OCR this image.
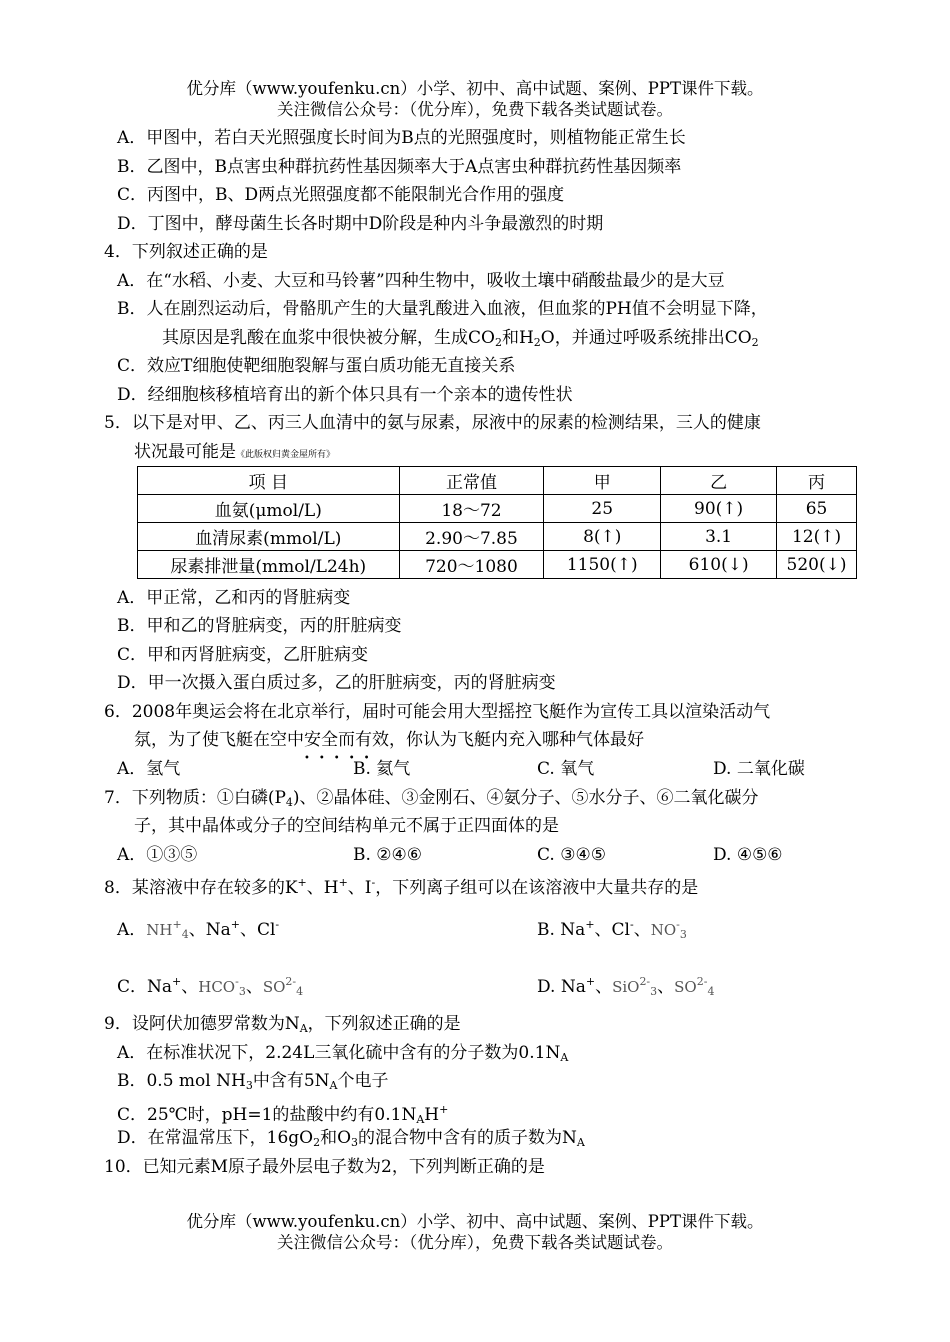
优分库（www.youfenku.cn）小学、初中、高中试题、案例、PPT课件下载。
关注微信公众号：（优分库），免费下载各类试题试卷。
A．甲图中，若白天光照强度长时间为B点的光照强度时，则植物能正常生长
B．乙图中，B点害虫种群抗药性基因频率大于A点害虫种群抗药性基因频率
C．丙图中，B、D两点光照强度都不能限制光合作用的强度
D．丁图中，酵母菌生长各时期中D阶段是种内斗争最激烈的时期
4．下列叙述正确的是
A．在“水稻、小麦、大豆和马铃薯”四种生物中，吸收土壤中硝酸盐最少的是大豆
B．人在剧烈运动后，骨骼肌产生的大量乳酸进入血液，但血浆的PH值不会明显下降，
其原因是乳酸在血浆中很快被分解，生成$CO_2$和$H_2O$，并通过呼吸系统排出$CO_2$
C．效应T细胞使靶细胞裂解与蛋白质功能无直接关系
D．经细胞核移植培育出的新个体只具有一个亲本的遗传性状
5．以下是对甲、乙、丙三人血清中的氨与尿素，尿液中的尿素的检测结果，三人的健康
状况最可能是《此版权归黄金屋所有》
项 目	正常值	甲	乙	丙
血氨(μmol/L)	18～72	25	90(↑)	65
血清尿素(mmol/L)	2.90～7.85	8(↑)	3.1	12(↑)
尿素排泄量(mmol/L24h)	720～1080	1150(↑)	610(↓)	520(↓)
A．甲正常，乙和丙的肾脏病变
B．甲和乙的肾脏病变，丙的肝脏病变
C．甲和丙肾脏病变，乙肝脏病变
D．甲一次摄入蛋白质过多，乙的肝脏病变，丙的肾脏病变
6．2008年奥运会将在北京举行，届时可能会用大型摇控飞艇作为宣传工具以渲染活动气
氛，为了使飞艇在空中安全而有效
•••••
，你认为飞艇内充入哪种气体最好
A．氢气	B. 氦气	C. 氧气	D. 二氧化碳
7．下列物质：①白磷$(P_4)$、②晶体硅、③金刚石、④氨分子、⑤水分子、⑥二氧化碳分
子，其中晶体或分子的空间结构单元不属于正四面体的是
A．①③⑤	B. ②④⑥	C. ③④⑤	D. ④⑤⑥
8．某溶液中存在较多的K+、H+、I-，下列离子组可以在该溶液中大量共存的是
A．$NH^+_4$、Na+、Cl-	B. Na+、Cl-、$NO^-_3$
C．Na+、$HCO^-_3$、$SO^{2-}_4$	D. Na+、SiO$^{2-}_3$、$SO^{2-}_4$
9．设阿伏加德罗常数为$N_A$，下列叙述正确的是
A．在标准状况下，2.24L三氧化硫中含有的分子数为$0.1N_A$
B．0.5 mol $NH_3$中含有$5N_A$个电子
C．25℃时，pH=1的盐酸中约有$0.1N_AH^+$
D．在常温常压下，$16gO_2$和$O_3$的混合物中含有的质子数为$N_A$
10．已知元素M原子最外层电子数为2，下列判断正确的是
优分库（www.youfenku.cn）小学、初中、高中试题、案例、PPT课件下载。
关注微信公众号：（优分库），免费下载各类试题试卷。
